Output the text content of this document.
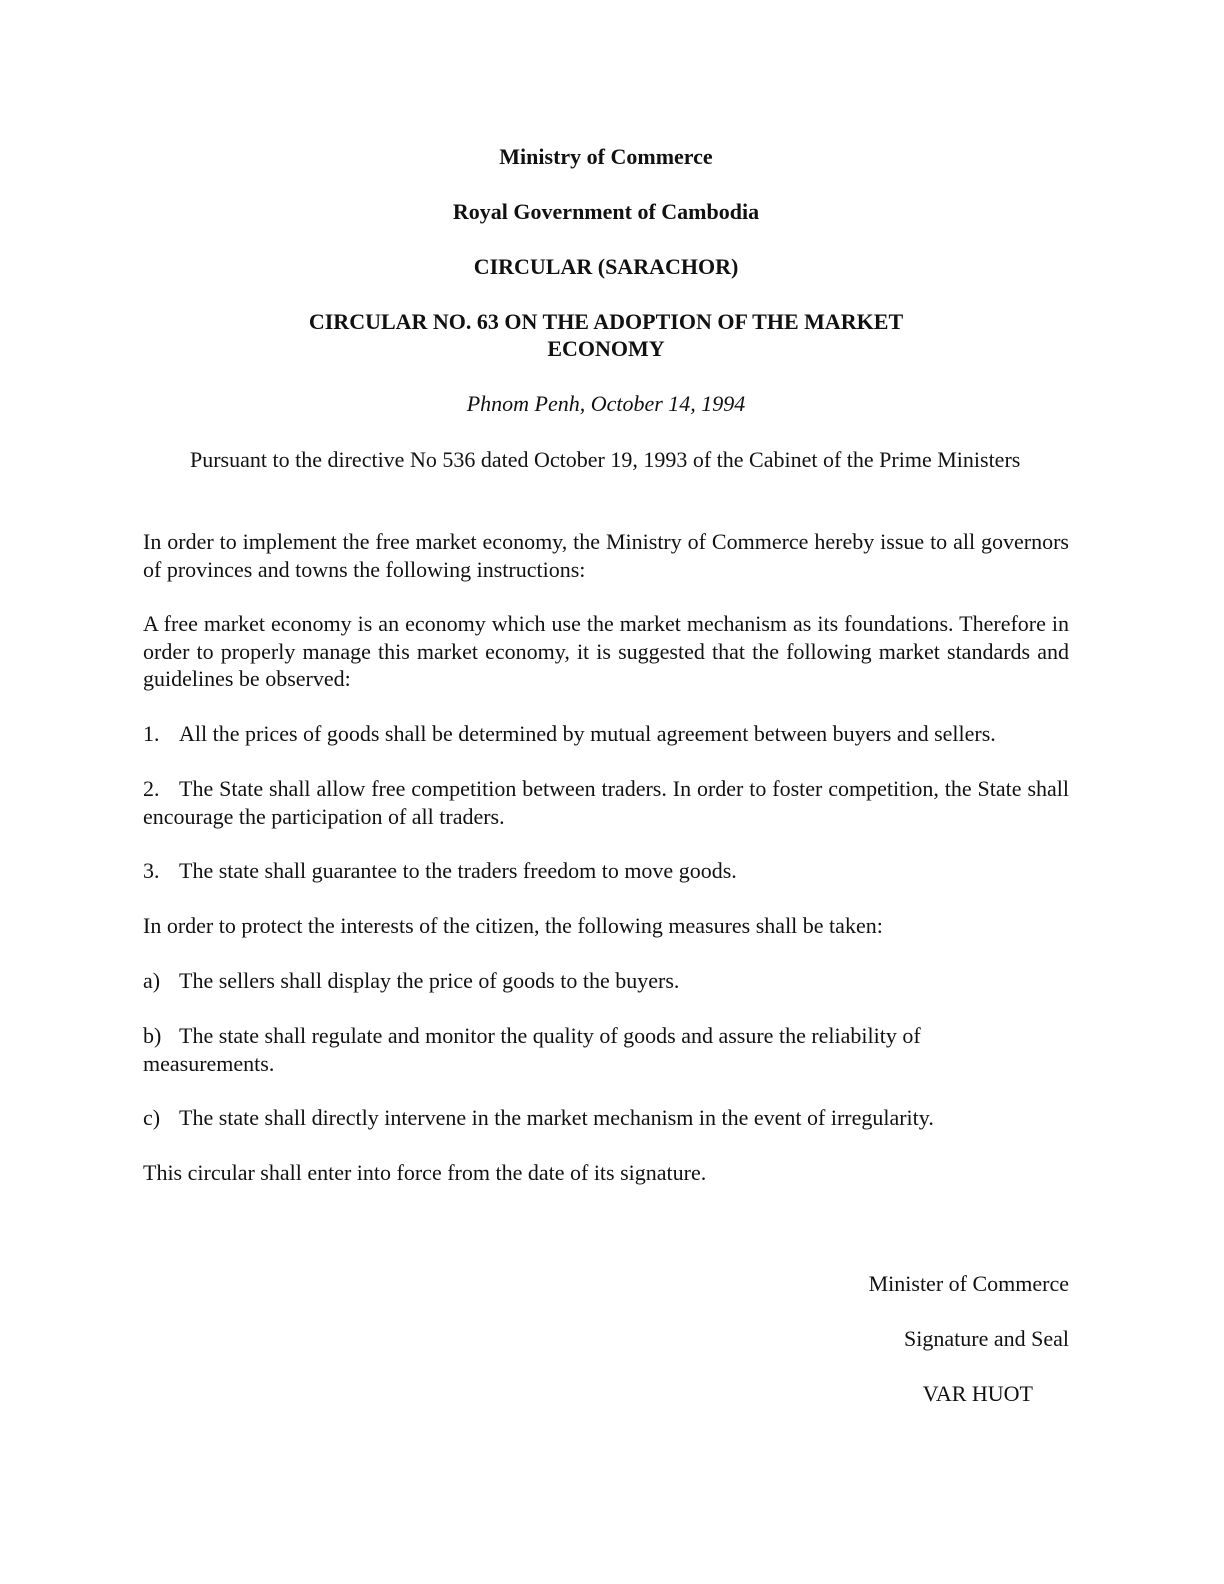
Ministry of Commerce
Royal Government of Cambodia
CIRCULAR (SARACHOR)
CIRCULAR NO. 63 ON THE ADOPTION OF THE MARKET
ECONOMY
Phnom Penh, October 14, 1994
Pursuant to the directive No 536 dated October 19, 1993 of the Cabinet of the Prime Ministers
In order to implement the free market economy, the Ministry of Commerce hereby issue to all governors of provinces and towns the following instructions:
A free market economy is an economy which use the market mechanism as its foundations. Therefore in order to properly manage this market economy, it is suggested that the following market standards and guidelines be observed:
1. All the prices of goods shall be determined by mutual agreement between buyers and sellers.
2. The State shall allow free competition between traders. In order to foster competition, the State shall encourage the participation of all traders.
3. The state shall guarantee to the traders freedom to move goods.
In order to protect the interests of the citizen, the following measures shall be taken:
a) The sellers shall display the price of goods to the buyers.
b) The state shall regulate and monitor the quality of goods and assure the reliability of measurements.
c) The state shall directly intervene in the market mechanism in the event of irregularity.
This circular shall enter into force from the date of its signature.
Minister of Commerce
Signature and Seal
VAR HUOT
